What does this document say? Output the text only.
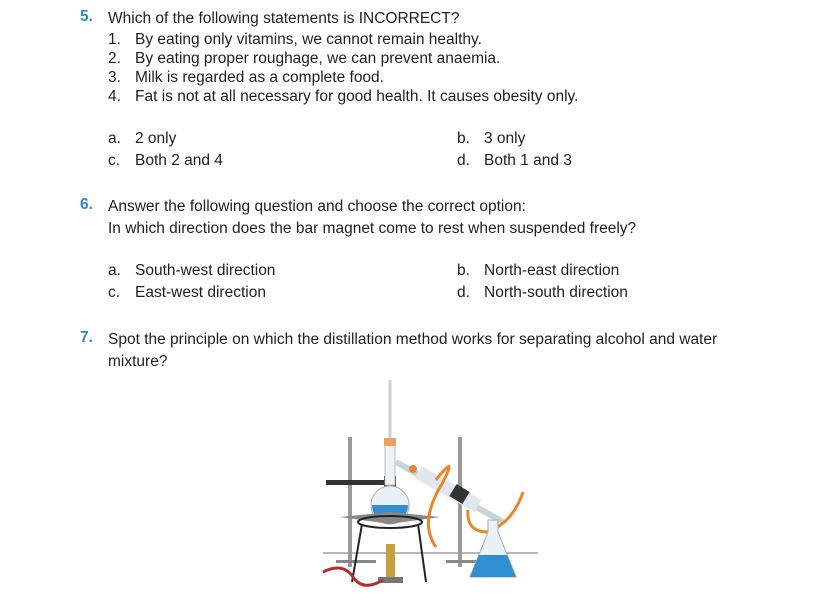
5. Which of the following statements is INCORRECT?
1. By eating only vitamins, we cannot remain healthy.
2. By eating proper roughage, we can prevent anaemia.
3. Milk is regarded as a complete food.
4. Fat is not at all necessary for good health. It causes obesity only.
a. 2 only	b. 3 only
c. Both 2 and 4	d. Both 1 and 3
6. Answer the following question and choose the correct option:
In which direction does the bar magnet come to rest when suspended freely?
a. South-west direction	b. North-east direction
c. East-west direction	d. North-south direction
7. Spot the principle on which the distillation method works for separating alcohol and water
mixture?
